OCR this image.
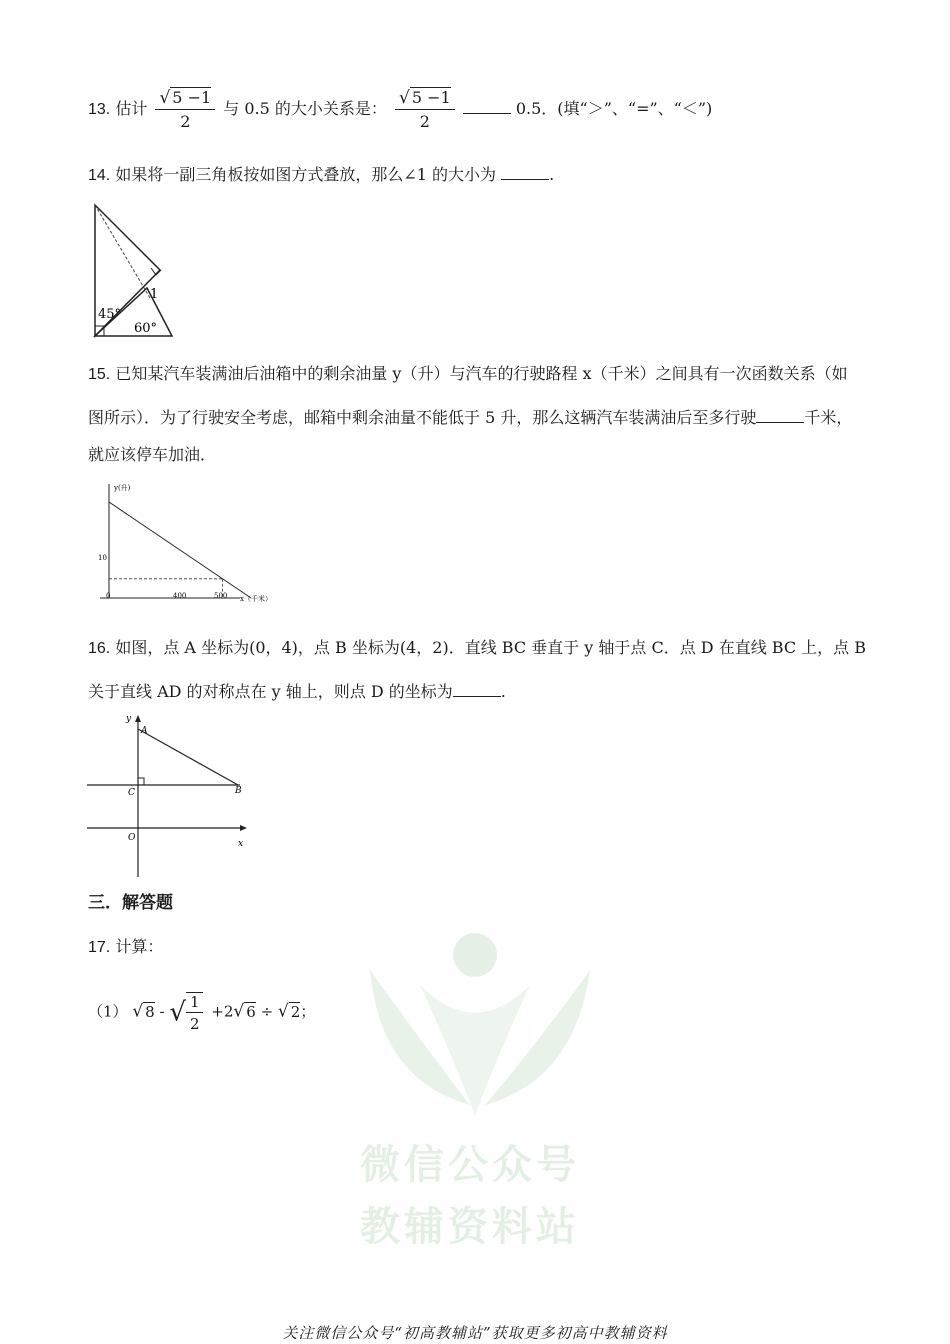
微信公众号
教辅资料站
13. 估计 $\frac{√ 5 -1}{2}$ 与 0.5 的大小关系是： $\frac{√ 5 -1}{2}$	0.5．(填“＞”、“=”、“＜”)
14. 如果将一副三角板按如图方式叠放，那么∠1 的大小为	.
45°
60°
1
15. 已知某汽车装满油后油箱中的剩余油量 y（升）与汽车的行驶路程 x（千米）之间具有一次函数关系（如
图所示）．为了行驶安全考虑，邮箱中剩余油量不能低于 5 升，那么这辆汽车装满油后至多行驶	千米，
就应该停车加油．
y(升)
x（千米）
0	400	500
10
16. 如图，点 A 坐标为(0，4)，点 B 坐标为(4，2)．直线 BC 垂直于 y 轴于点 C．点 D 在直线 BC 上，点 B
关于直线 AD 的对称点在 y 轴上，则点 D 的坐标为	.
y
A
C	B
O
x
三．解答题
17. 计算：
（1） √ 8 - √ $\frac{1}{2} +2√$ 6 ÷ √ 2；
关注微信公众号“初高教辅站”获取更多初高中教辅资料
